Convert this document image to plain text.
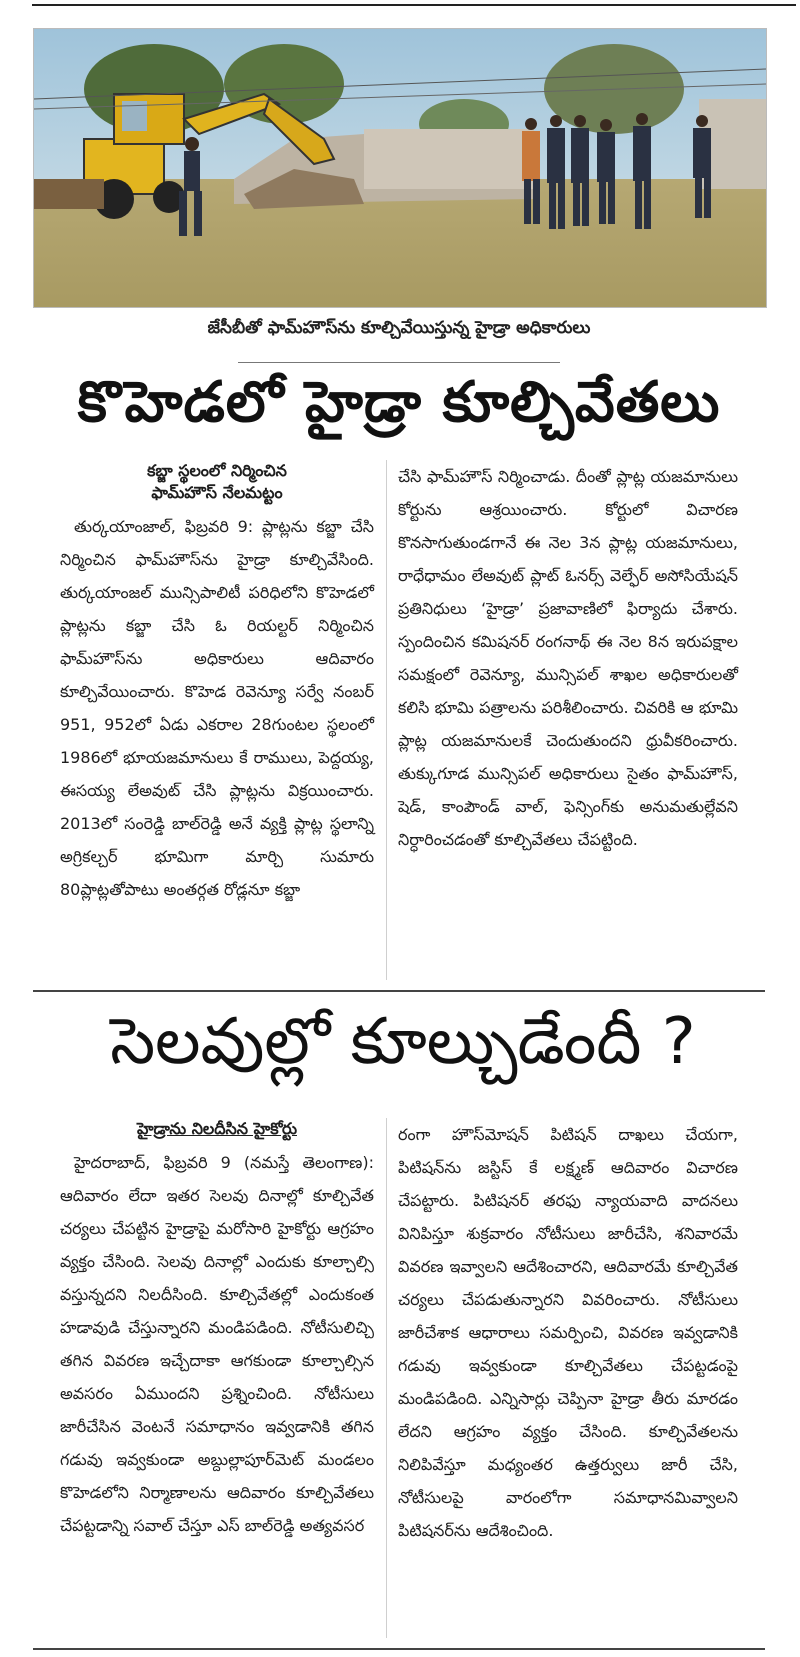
జేసీబీతో ఫామ్‌హౌస్‌ను కూల్చివేయిస్తున్న హైడ్రా అధికారులు
కొహెడలో హైడ్రా కూల్చివేతలు
కబ్జా స్థలంలో నిర్మించిన
ఫామ్‌హౌస్‌ నేలమట్టం

తుర్కయాంజాల్‌, ఫిబ్రవరి 9: ప్లాట్లను కబ్జా చేసి నిర్మించిన ఫామ్‌హౌస్‌ను హైడ్రా కూల్చివేసింది. తుర్కయాంజల్‌ మున్సిపాలిటీ పరిధిలోని కొహెడలో ప్లాట్లను కబ్జా చేసి ఓ రియల్టర్‌ నిర్మించిన ఫామ్‌హౌస్‌ను అధికారులు ఆదివారం కూల్చివేయించారు. కొహెడ రెవెన్యూ సర్వే నంబర్‌ 951, 952లో ఏడు ఎకరాల 28గుంటల స్థలంలో 1986లో భూయజమానులు కే రాములు, పెద్దయ్య, ఈసయ్య లేఅవుట్‌ చేసి ప్లాట్లను విక్రయించారు. 2013లో సంరెడ్డి బాల్‌రెడ్డి అనే వ్యక్తి ప్లాట్ల స్థలాన్ని అగ్రికల్చర్‌ భూమిగా మార్చి సుమారు 80ప్లాట్లతోపాటు అంతర్గత రోడ్లనూ కబ్జా

చేసి ఫామ్‌హౌస్‌ నిర్మించాడు. దీంతో ప్లాట్ల యజమానులు కోర్టును ఆశ్రయించారు. కోర్టులో విచారణ కొనసాగుతుండగానే ఈ నెల 3న ప్లాట్ల యజమానులు, రాధేధామం లేఅవుట్‌ ప్లాట్‌ ఓనర్స్‌ వెల్ఫేర్‌ అసోసియేషన్‌ ప్రతినిధులు ‘హైడ్రా’ ప్రజావాణిలో ఫిర్యాదు చేశారు. స్పందించిన కమిషనర్‌ రంగనాథ్‌ ఈ నెల 8న ఇరుపక్షాల సమక్షంలో రెవెన్యూ, మున్సిపల్‌ శాఖల అధికారులతో కలిసి భూమి పత్రాలను పరిశీలించారు. చివరికి ఆ భూమి ప్లాట్ల యజమానులకే చెందుతుందని ధ్రువీకరించారు. తుక్కుగూడ మున్సిపల్‌ అధికారులు సైతం ఫామ్‌హౌస్‌, షెడ్‌, కాంపౌండ్‌ వాల్‌, ఫెన్సింగ్‌కు అనుమతుల్లేవని నిర్ధారించడంతో కూల్చివేతలు చేపట్టింది.

సెలవుల్లో కూల్చుడేందీ ?
హైడ్రాను నిలదీసిన హైకోర్టు

హైదరాబాద్‌, ఫిబ్రవరి 9 (నమస్తే తెలంగాణ): ఆదివారం లేదా ఇతర సెలవు దినాల్లో కూల్చివేత చర్యలు చేపట్టిన హైడ్రాపై మరోసారి హైకోర్టు ఆగ్రహం వ్యక్తం చేసింది. సెలవు దినాల్లో ఎందుకు కూల్చాల్సి వస్తున్నదని నిలదీసింది. కూల్చివేతల్లో ఎందుకంత హడావుడి చేస్తున్నారని మండిపడింది. నోటీసులిచ్చి తగిన వివరణ ఇచ్చేదాకా ఆగకుండా కూల్చాల్సిన అవసరం ఏముందని ప్రశ్నించింది. నోటీసులు జారీచేసిన వెంటనే సమాధానం ఇవ్వడానికి తగిన గడువు ఇవ్వకుండా అబ్దుల్లాపూర్‌మెట్‌ మండలం కొహెడలోని నిర్మాణాలను ఆదివారం కూల్చివేతలు చేపట్టడాన్ని సవాల్‌ చేస్తూ ఎస్‌ బాల్‌రెడ్డి అత్యవసర

రంగా హౌస్‌మోషన్‌ పిటిషన్‌ దాఖలు చేయగా, పిటిషన్‌ను జస్టిస్‌ కే లక్ష్మణ్‌ ఆదివారం విచారణ చేపట్టారు. పిటిషనర్‌ తరఫు న్యాయవాది వాదనలు వినిపిస్తూ శుక్రవారం నోటీసులు జారీచేసి, శనివారమే వివరణ ఇవ్వాలని ఆదేశించారని, ఆదివారమే కూల్చివేత చర్యలు చేపడుతున్నారని వివరించారు. నోటీసులు జారీచేశాక ఆధారాలు సమర్పించి, వివరణ ఇవ్వడానికి గడువు ఇవ్వకుండా కూల్చివేతలు చేపట్టడంపై మండిపడింది. ఎన్నిసార్లు చెప్పినా హైడ్రా తీరు మారడం లేదని ఆగ్రహం వ్యక్తం చేసింది. కూల్చివేతలను నిలిపివేస్తూ మధ్యంతర ఉత్తర్వులు జారీ చేసి, నోటీసులపై వారంలోగా సమాధానమివ్వాలని పిటిషనర్‌ను ఆదేశించింది.
